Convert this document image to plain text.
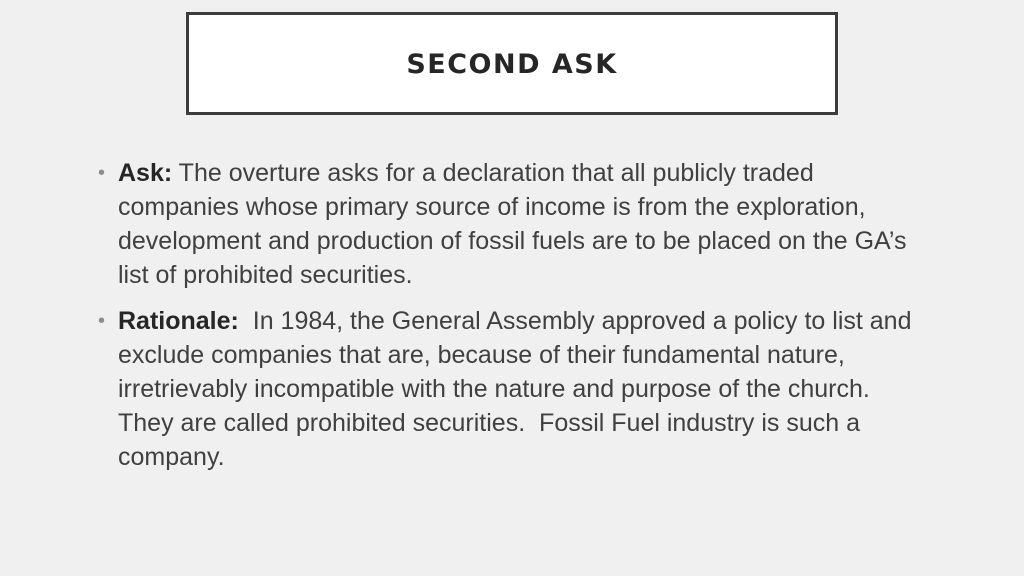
SECOND ASK
• Ask: The overture asks for a declaration that all publicly traded companies whose primary source of income is from the exploration, development and production of fossil fuels are to be placed on the GA’s list of prohibited securities.
• Rationale:  In 1984, the General Assembly approved a policy to list and exclude companies that are, because of their fundamental nature, irretrievably incompatible with the nature and purpose of the church.  They are called prohibited securities.  Fossil Fuel industry is such a company.
